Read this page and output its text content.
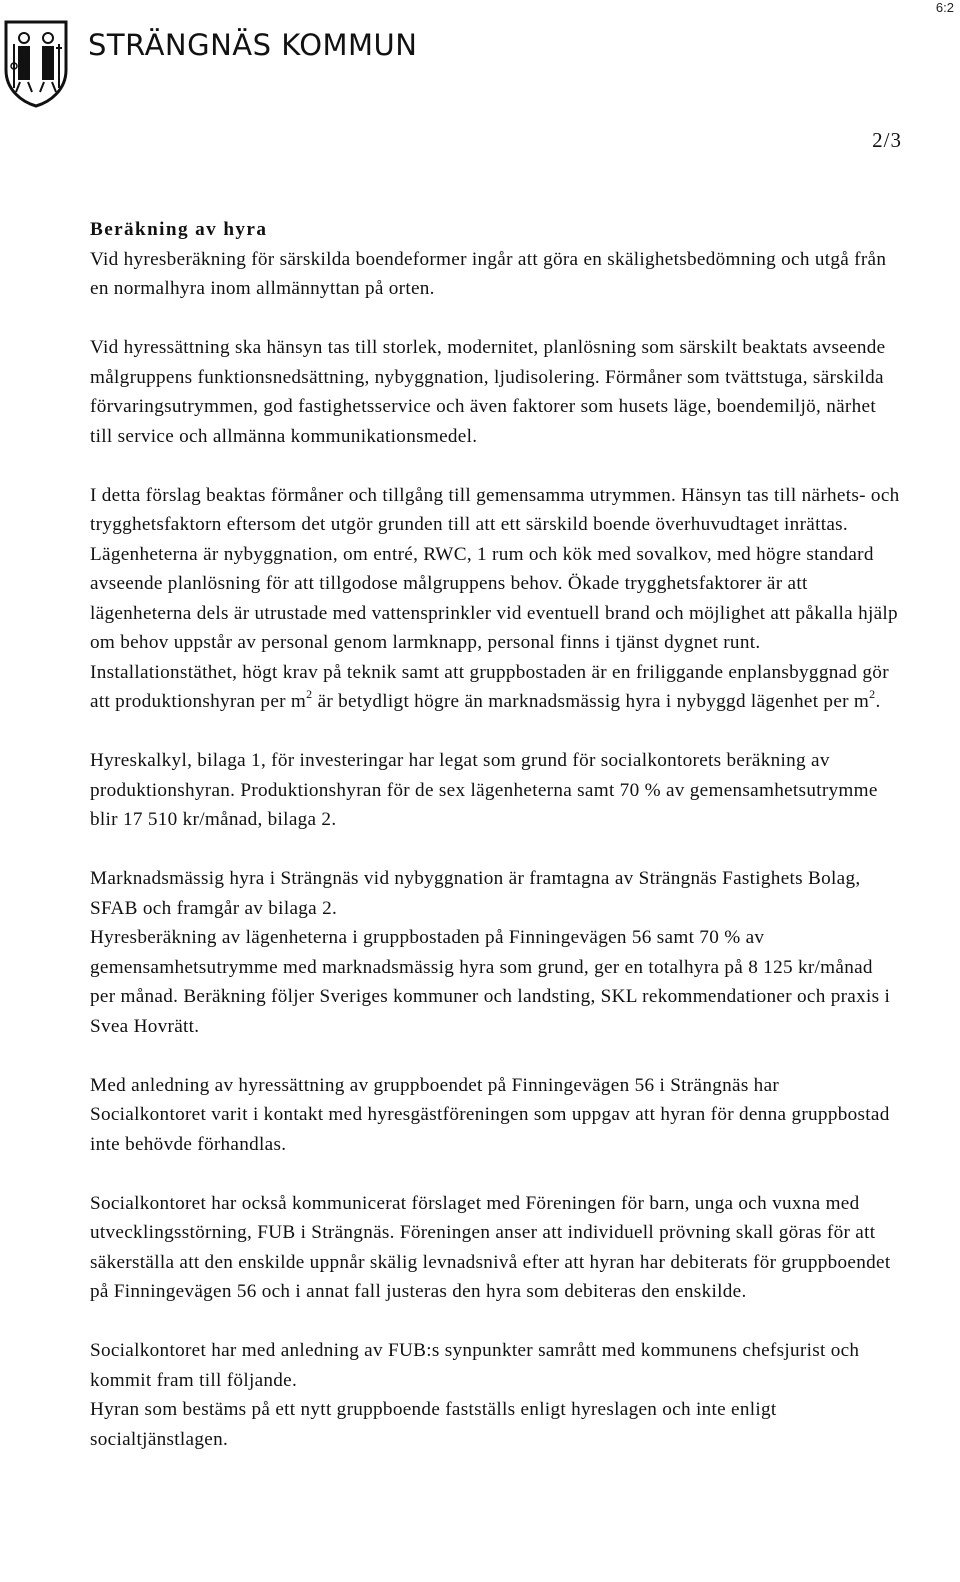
6:2
STRÄNGNÄS KOMMUN
2/3

Beräkning av hyra
Vid hyresberäkning för särskilda boendeformer ingår att göra en skälighetsbedömning och utgå från en normalhyra inom allmännyttan på orten.

Vid hyressättning ska hänsyn tas till storlek, modernitet, planlösning som särskilt beaktats avseende målgruppens funktionsnedsättning, nybyggnation, ljudisolering. Förmåner som tvättstuga, särskilda förvaringsutrymmen, god fastighetsservice och även faktorer som husets läge, boendemiljö, närhet till service och allmänna kommunikationsmedel.

I detta förslag beaktas förmåner och tillgång till gemensamma utrymmen. Hänsyn tas till närhets- och trygghetsfaktorn eftersom det utgör grunden till att ett särskild boende överhuvudtaget inrättas. Lägenheterna är nybyggnation, om entré, RWC, 1 rum och kök med sovalkov, med högre standard avseende planlösning för att tillgodose målgruppens behov. Ökade trygghetsfaktorer är att lägenheterna dels är utrustade med vattensprinkler vid eventuell brand och möjlighet att påkalla hjälp om behov uppstår av personal genom larmknapp, personal finns i tjänst dygnet runt. Installationstäthet, högt krav på teknik samt att gruppbostaden är en friliggande enplansbyggnad gör att produktionshyran per $m^2$ är betydligt högre än marknadsmässig hyra i nybyggd lägenhet per $m^2$.

Hyreskalkyl, bilaga 1, för investeringar har legat som grund för socialkontorets beräkning av produktionshyran. Produktionshyran för de sex lägenheterna samt 70 % av gemensamhetsutrymme blir 17 510 kr/månad, bilaga 2.

Marknadsmässig hyra i Strängnäs vid nybyggnation är framtagna av Strängnäs Fastighets Bolag, SFAB och framgår av bilaga 2.

Hyresberäkning av lägenheterna i gruppbostaden på Finningevägen 56 samt 70 % av gemensamhetsutrymme med marknadsmässig hyra som grund, ger en totalhyra på 8 125 kr/månad per månad. Beräkning följer Sveriges kommuner och landsting, SKL rekommendationer och praxis i Svea Hovrätt.

Med anledning av hyressättning av gruppboendet på Finningevägen 56 i Strängnäs har Socialkontoret varit i kontakt med hyresgästföreningen som uppgav att hyran för denna gruppbostad inte behövde förhandlas.

Socialkontoret har också kommunicerat förslaget med Föreningen för barn, unga och vuxna med utvecklingsstörning, FUB i Strängnäs. Föreningen anser att individuell prövning skall göras för att säkerställa att den enskilde uppnår skälig levnadsnivå efter att hyran har debiterats för gruppboendet på Finningevägen 56 och i annat fall justeras den hyra som debiteras den enskilde.

Socialkontoret har med anledning av FUB:s synpunkter samrått med kommunens chefsjurist och kommit fram till följande.

Hyran som bestäms på ett nytt gruppboende fastställs enligt hyreslagen och inte enligt socialtjänstlagen.
